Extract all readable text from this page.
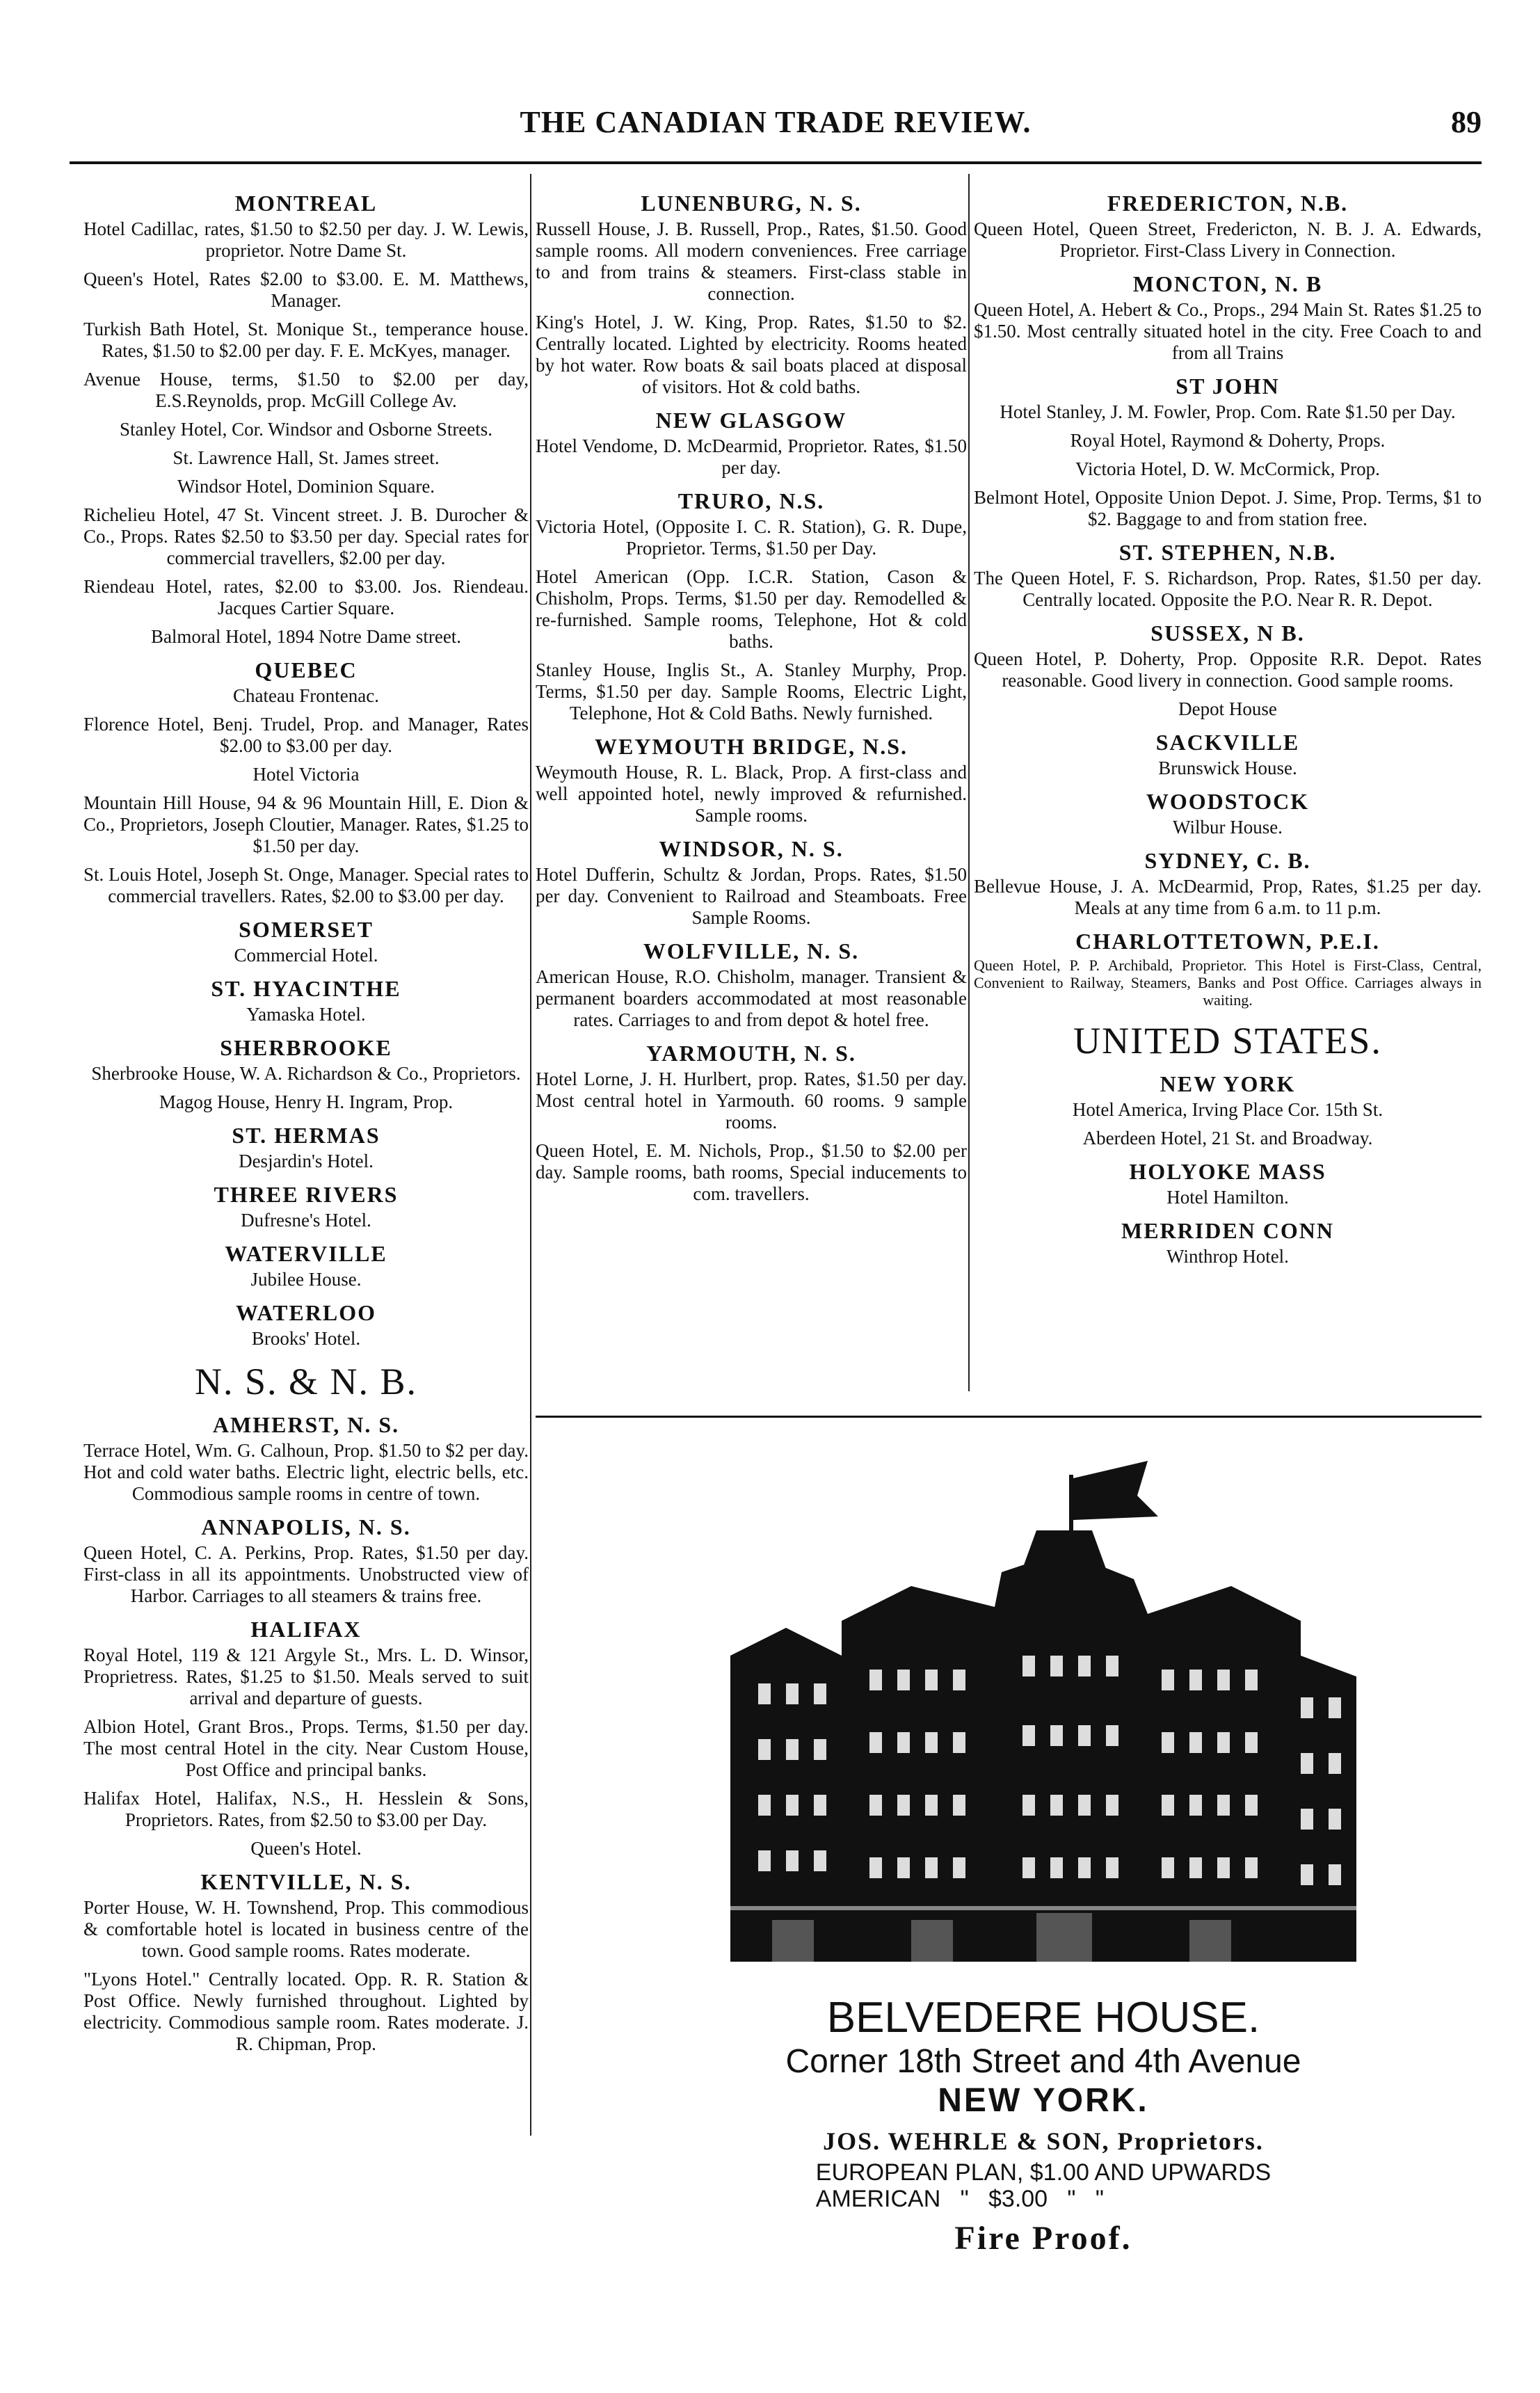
THE CANADIAN TRADE REVIEW.	89
MONTREAL
Hotel Cadillac, rates, $1.50 to $2.50 per day. J. W. Lewis, proprietor. Notre Dame St.
Queen's Hotel, Rates $2.00 to $3.00. E. M. Matthews, Manager.
Turkish Bath Hotel, St. Monique St., temperance house. Rates, $1.50 to $2.00 per day. F. E. McKyes, manager.
Avenue House, terms, $1.50 to $2.00 per day, E.S.Reynolds, prop. McGill College Av.
Stanley Hotel, Cor. Windsor and Osborne Streets.
St. Lawrence Hall, St. James street.
Windsor Hotel, Dominion Square.
Richelieu Hotel, 47 St. Vincent street. J. B. Durocher & Co., Props. Rates $2.50 to $3.50 per day. Special rates for commercial travellers, $2.00 per day.
Riendeau Hotel, rates, $2.00 to $3.00. Jos. Riendeau. Jacques Cartier Square.
Balmoral Hotel, 1894 Notre Dame street.
QUEBEC
Chateau Frontenac.
Florence Hotel, Benj. Trudel, Prop. and Manager, Rates $2.00 to $3.00 per day.
Hotel Victoria
Mountain Hill House, 94 & 96 Mountain Hill, E. Dion & Co., Proprietors, Joseph Cloutier, Manager. Rates, $1.25 to $1.50 per day.
St. Louis Hotel, Joseph St. Onge, Manager. Special rates to commercial travellers. Rates, $2.00 to $3.00 per day.
SOMERSET
Commercial Hotel.
ST. HYACINTHE
Yamaska Hotel.
SHERBROOKE
Sherbrooke House, W. A. Richardson & Co., Proprietors.
Magog House, Henry H. Ingram, Prop.
ST. HERMAS
Desjardin's Hotel.
THREE RIVERS
Dufresne's Hotel.
WATERVILLE
Jubilee House.
WATERLOO
Brooks' Hotel.
N. S. & N. B.
AMHERST, N. S.
Terrace Hotel, Wm. G. Calhoun, Prop. $1.50 to $2 per day. Hot and cold water baths. Electric light, electric bells, etc. Commodious sample rooms in centre of town.
ANNAPOLIS, N. S.
Queen Hotel, C. A. Perkins, Prop. Rates, $1.50 per day. First-class in all its appointments. Unobstructed view of Harbor. Carriages to all steamers & trains free.
HALIFAX
Royal Hotel, 119 & 121 Argyle St., Mrs. L. D. Winsor, Proprietress. Rates, $1.25 to $1.50. Meals served to suit arrival and departure of guests.
Albion Hotel, Grant Bros., Props. Terms, $1.50 per day. The most central Hotel in the city. Near Custom House, Post Office and principal banks.
Halifax Hotel, Halifax, N.S., H. Hesslein & Sons, Proprietors. Rates, from $2.50 to $3.00 per Day.
Queen's Hotel.
KENTVILLE, N. S.
Porter House, W. H. Townshend, Prop. This commodious & comfortable hotel is located in business centre of the town. Good sample rooms. Rates moderate.
"Lyons Hotel." Centrally located. Opp. R. R. Station & Post Office. Newly furnished throughout. Lighted by electricity. Commodious sample room. Rates moderate. J. R. Chipman, Prop.
LUNENBURG, N. S.
Russell House, J. B. Russell, Prop., Rates, $1.50. Good sample rooms. All modern conveniences. Free carriage to and from trains & steamers. First-class stable in connection.
King's Hotel, J. W. King, Prop. Rates, $1.50 to $2. Centrally located. Lighted by electricity. Rooms heated by hot water. Row boats & sail boats placed at disposal of visitors. Hot & cold baths.
NEW GLASGOW
Hotel Vendome, D. McDearmid, Proprietor. Rates, $1.50 per day.
TRURO, N.S.
Victoria Hotel, (Opposite I. C. R. Station), G. R. Dupe, Proprietor. Terms, $1.50 per Day.
Hotel American (Opp. I.C.R. Station, Cason & Chisholm, Props. Terms, $1.50 per day. Remodelled & re-furnished. Sample rooms, Telephone, Hot & cold baths.
Stanley House, Inglis St., A. Stanley Murphy, Prop. Terms, $1.50 per day. Sample Rooms, Electric Light, Telephone, Hot & Cold Baths. Newly furnished.
WEYMOUTH BRIDGE, N.S.
Weymouth House, R. L. Black, Prop. A first-class and well appointed hotel, newly improved & refurnished. Sample rooms.
WINDSOR, N. S.
Hotel Dufferin, Schultz & Jordan, Props. Rates, $1.50 per day. Convenient to Railroad and Steamboats. Free Sample Rooms.
WOLFVILLE, N. S.
American House, R.O. Chisholm, manager. Transient & permanent boarders accommodated at most reasonable rates. Carriages to and from depot & hotel free.
YARMOUTH, N. S.
Hotel Lorne, J. H. Hurlbert, prop. Rates, $1.50 per day. Most central hotel in Yarmouth. 60 rooms. 9 sample rooms.
Queen Hotel, E. M. Nichols, Prop., $1.50 to $2.00 per day. Sample rooms, bath rooms, Special inducements to com. travellers.
FREDERICTON, N.B.
Queen Hotel, Queen Street, Fredericton, N. B. J. A. Edwards, Proprietor. First-Class Livery in Connection.
MONCTON, N. B
Queen Hotel, A. Hebert & Co., Props., 294 Main St. Rates $1.25 to $1.50. Most centrally situated hotel in the city. Free Coach to and from all Trains
ST JOHN
Hotel Stanley, J. M. Fowler, Prop. Com. Rate $1.50 per Day.
Royal Hotel, Raymond & Doherty, Props.
Victoria Hotel, D. W. McCormick, Prop.
Belmont Hotel, Opposite Union Depot. J. Sime, Prop. Terms, $1 to $2. Baggage to and from station free.
ST. STEPHEN, N.B.
The Queen Hotel, F. S. Richardson, Prop. Rates, $1.50 per day. Centrally located. Opposite the P.O. Near R. R. Depot.
SUSSEX, N B.
Queen Hotel, P. Doherty, Prop. Opposite R.R. Depot. Rates reasonable. Good livery in connection. Good sample rooms.
Depot House
SACKVILLE
Brunswick House.
WOODSTOCK
Wilbur House.
SYDNEY, C. B.
Bellevue House, J. A. McDearmid, Prop, Rates, $1.25 per day. Meals at any time from 6 a.m. to 11 p.m.
CHARLOTTETOWN, P.E.I.
Queen Hotel, P. P. Archibald, Proprietor. This Hotel is First-Class, Central, Convenient to Railway, Steamers, Banks and Post Office. Carriages always in waiting.
UNITED STATES.
NEW YORK
Hotel America, Irving Place Cor. 15th St.
Aberdeen Hotel, 21 St. and Broadway.
HOLYOKE MASS
Hotel Hamilton.
MERRIDEN CONN
Winthrop Hotel.
BELVEDERE HOUSE.
Corner 18th Street and 4th Avenue
NEW YORK.
JOS. WEHRLE & SON, Proprietors.
EUROPEAN PLAN, $1.00 AND UPWARDS
AMERICAN   "   $3.00   "   "
Fire Proof.
